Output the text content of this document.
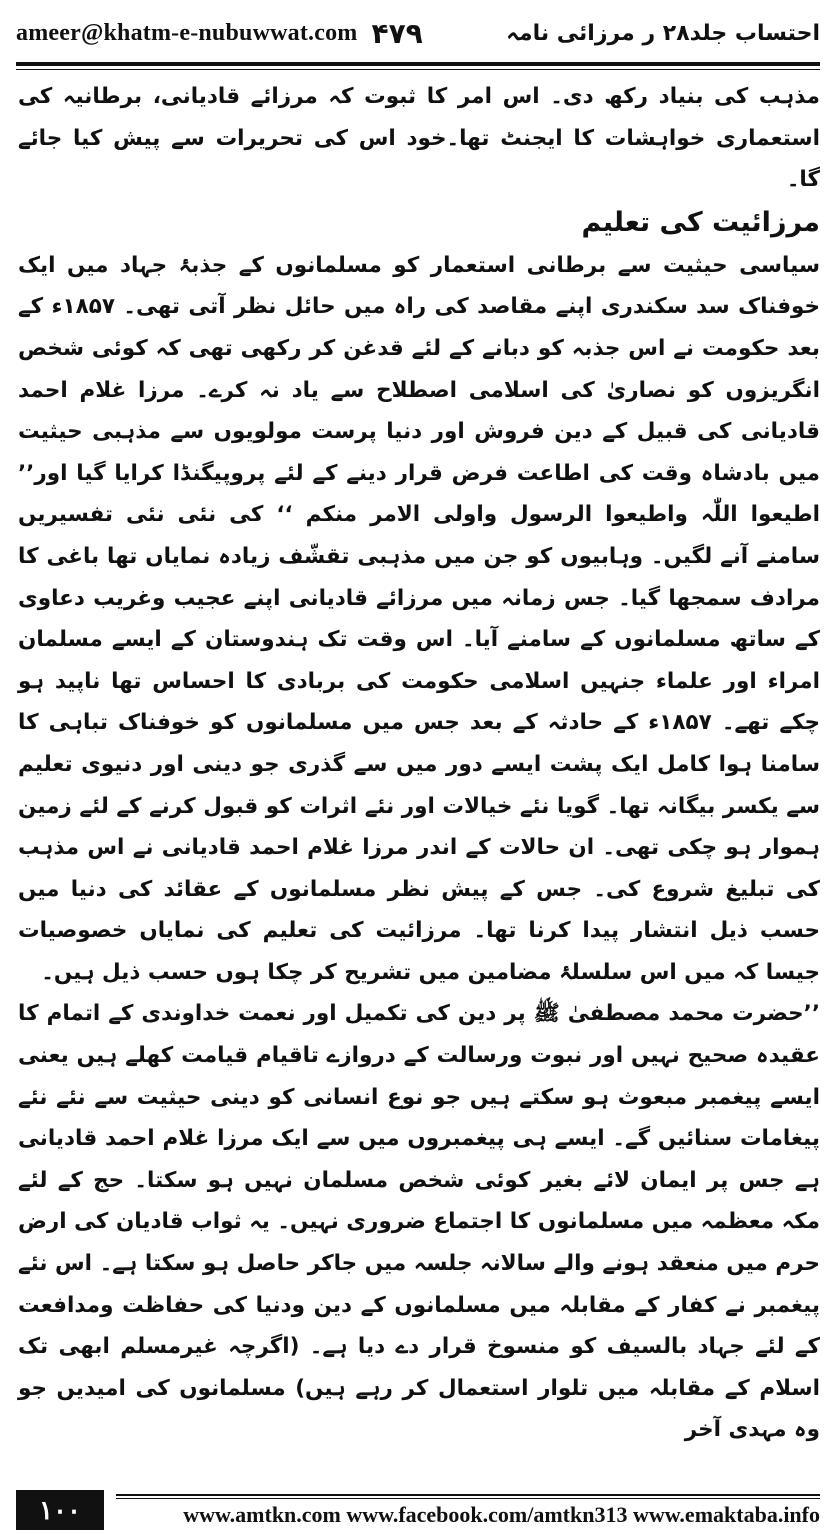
ameer@khatm-e-nubuwwat.com ۴۷۹	احتساب جلد۲۸ ر مرزائی نامہ

مذہب کی بنیاد رکھ دی۔ اس امر کا ثبوت کہ مرزائے قادیانی، برطانیہ کی استعماری خواہشات کا ایجنٹ تھا۔خود اس کی تحریرات سے پیش کیا جائے گا۔

مرزائیت کی تعلیم

سیاسی حیثیت سے برطانی استعمار کو مسلمانوں کے جذبۂ جہاد میں ایک خوفناک سد سکندری اپنے مقاصد کی راہ میں حائل نظر آتی تھی۔ ۱۸۵۷ء کے بعد حکومت نے اس جذبہ کو دبانے کے لئے قدغن کر رکھی تھی کہ کوئی شخص انگریزوں کو نصاریٰ کی اسلامی اصطلاح سے یاد نہ کرے۔ مرزا غلام احمد قادیانی کی قبیل کے دین فروش اور دنیا پرست مولویوں سے مذہبی حیثیت میں بادشاہ وقت کی اطاعت فرض قرار دینے کے لئے پروپیگنڈا کرایا گیا اور’’ اطیعوا اللّٰہ واطیعوا الرسول واولی الامر منکم ‘‘ کی نئی نئی تفسیریں سامنے آنے لگیں۔ وہابیوں کو جن میں مذہبی تقشّف زیادہ نمایاں تھا باغی کا مرادف سمجھا گیا۔ جس زمانہ میں مرزائے قادیانی اپنے عجیب وغریب دعاوی کے ساتھ مسلمانوں کے سامنے آیا۔ اس وقت تک ہندوستان کے ایسے مسلمان امراء اور علماء جنہیں اسلامی حکومت کی بربادی کا احساس تھا ناپید ہو چکے تھے۔ ۱۸۵۷ء کے حادثہ کے بعد جس میں مسلمانوں کو خوفناک تباہی کا سامنا ہوا کامل ایک پشت ایسے دور میں سے گذری جو دینی اور دنیوی تعلیم سے یکسر بیگانہ تھا۔ گویا نئے خیالات اور نئے اثرات کو قبول کرنے کے لئے زمین ہموار ہو چکی تھی۔ ان حالات کے اندر مرزا غلام احمد قادیانی نے اس مذہب کی تبلیغ شروع کی۔ جس کے پیش نظر مسلمانوں کے عقائد کی دنیا میں حسب ذیل انتشار پیدا کرنا تھا۔ مرزائیت کی تعلیم کی نمایاں خصوصیات جیسا کہ میں اس سلسلۂ مضامین میں تشریح کر چکا ہوں حسب ذیل ہیں۔

’’حضرت محمد مصطفیٰ ﷺ پر دین کی تکمیل اور نعمت خداوندی کے اتمام کا عقیدہ صحیح نہیں اور نبوت ورسالت کے دروازے تاقیام قیامت کھلے ہیں یعنی ایسے پیغمبر مبعوث ہو سکتے ہیں جو نوع انسانی کو دینی حیثیت سے نئے نئے پیغامات سنائیں گے۔ ایسے ہی پیغمبروں میں سے ایک مرزا غلام احمد قادیانی ہے جس پر ایمان لائے بغیر کوئی شخص مسلمان نہیں ہو سکتا۔ حج کے لئے مکہ معظمہ میں مسلمانوں کا اجتماع ضروری نہیں۔ یہ ثواب قادیان کی ارض حرم میں منعقد ہونے والے سالانہ جلسہ میں جاکر حاصل ہو سکتا ہے۔ اس نئے پیغمبر نے کفار کے مقابلہ میں مسلمانوں کے دین ودنیا کی حفاظت ومدافعت کے لئے جہاد بالسیف کو منسوخ قرار دے دیا ہے۔ (اگرچہ غیرمسلم ابھی تک اسلام کے مقابلہ میں تلوار استعمال کر رہے ہیں) مسلمانوں کی امیدیں جو وہ مہدی آخر

۱۰۰	www.amtkn.com www.facebook.com/amtkn313 www.emaktaba.info
